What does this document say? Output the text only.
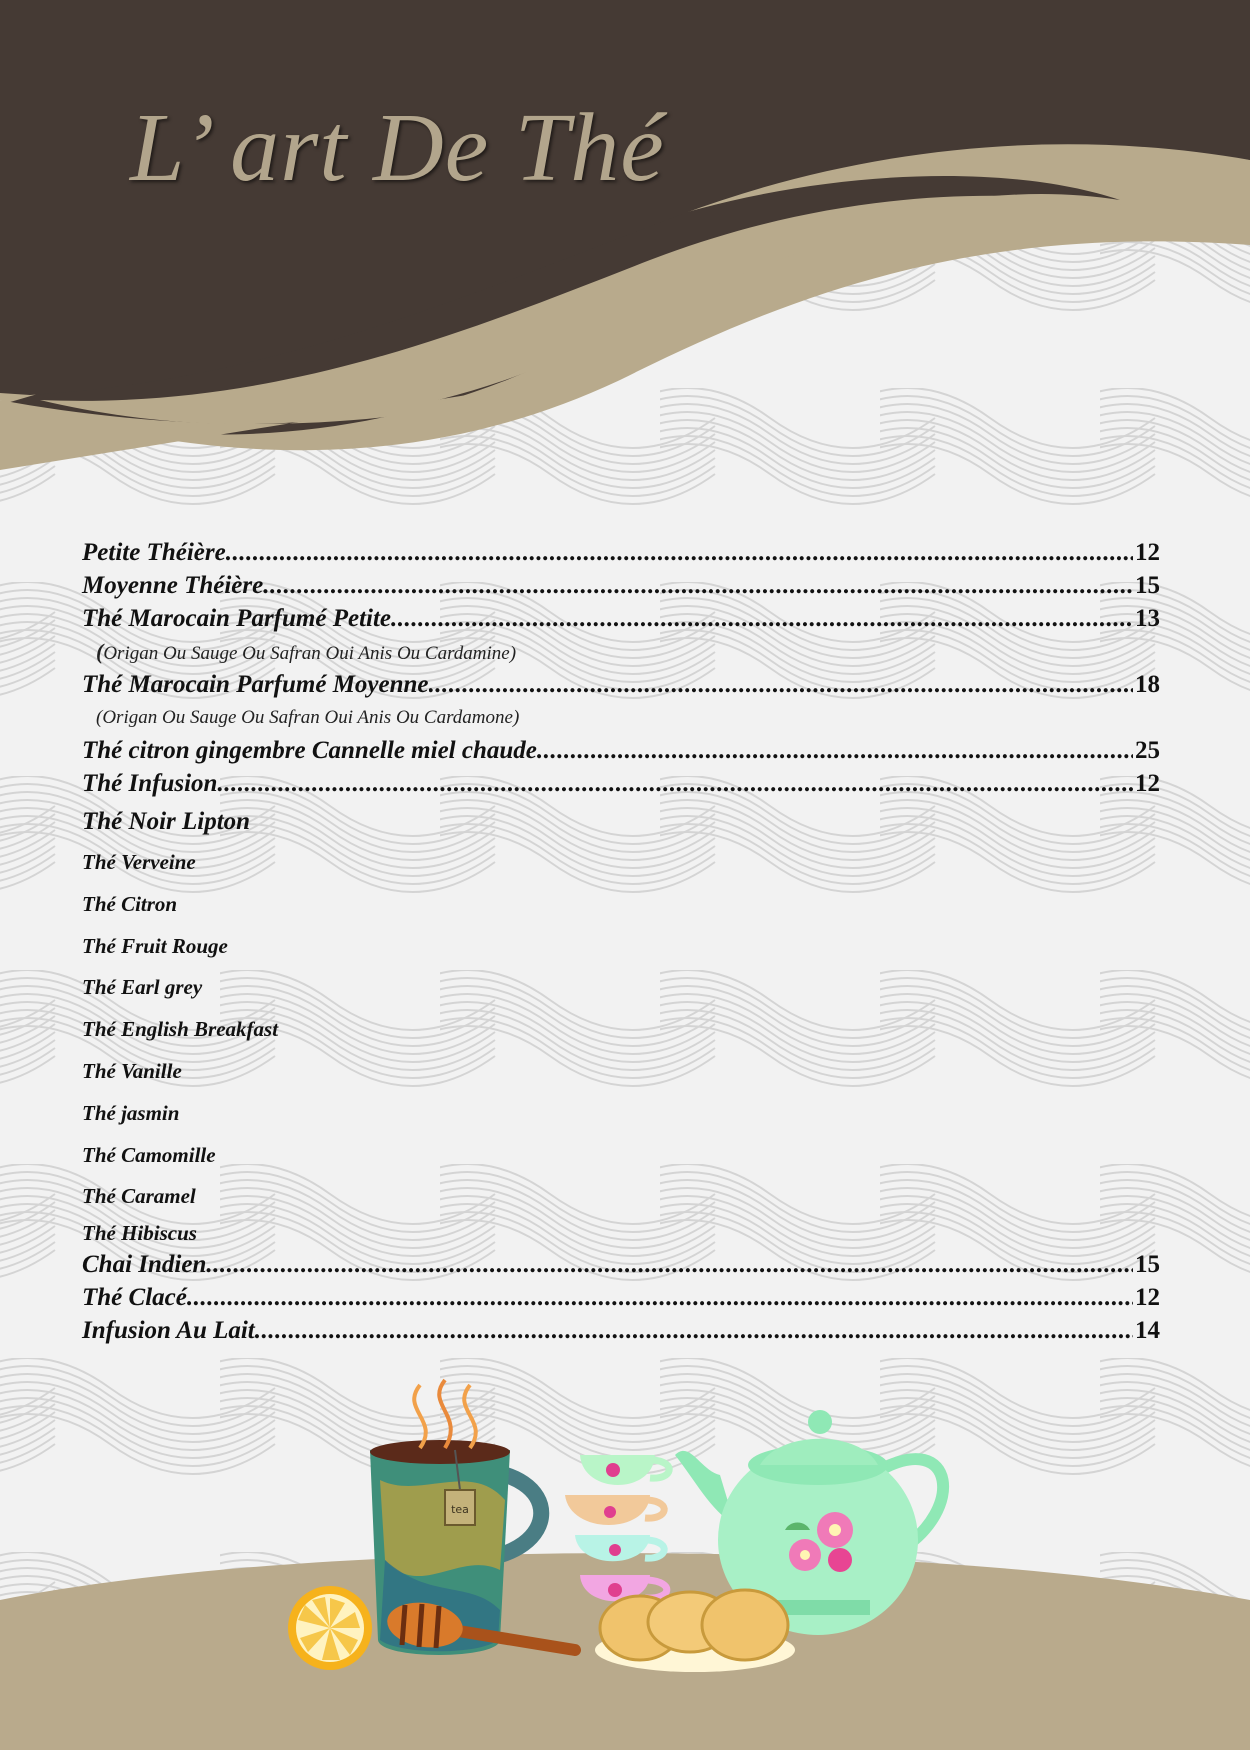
tea
L’ art De Thé
Petite Théière .....	12
Moyenne Théière .....	15
Thé Marocain Parfumé Petite .....	13
(Origan Ou Sauge Ou Safran Oui Anis Ou Cardamine)
Thé Marocain Parfumé Moyenne .....	18
(Origan Ou Sauge Ou Safran Oui Anis Ou Cardamone)
Thé citron gingembre Cannelle miel chaude .....	25
Thé Infusion .....	12
Thé Noir Lipton
Thé Verveine
Thé Citron
Thé Fruit Rouge
Thé Earl grey
Thé English Breakfast
Thé Vanille
Thé jasmin
Thé Camomille
Thé Caramel
Thé Hibiscus
Chai Indien .....	15
Thé Clacé .....	12
Infusion Au Lait .....	14
